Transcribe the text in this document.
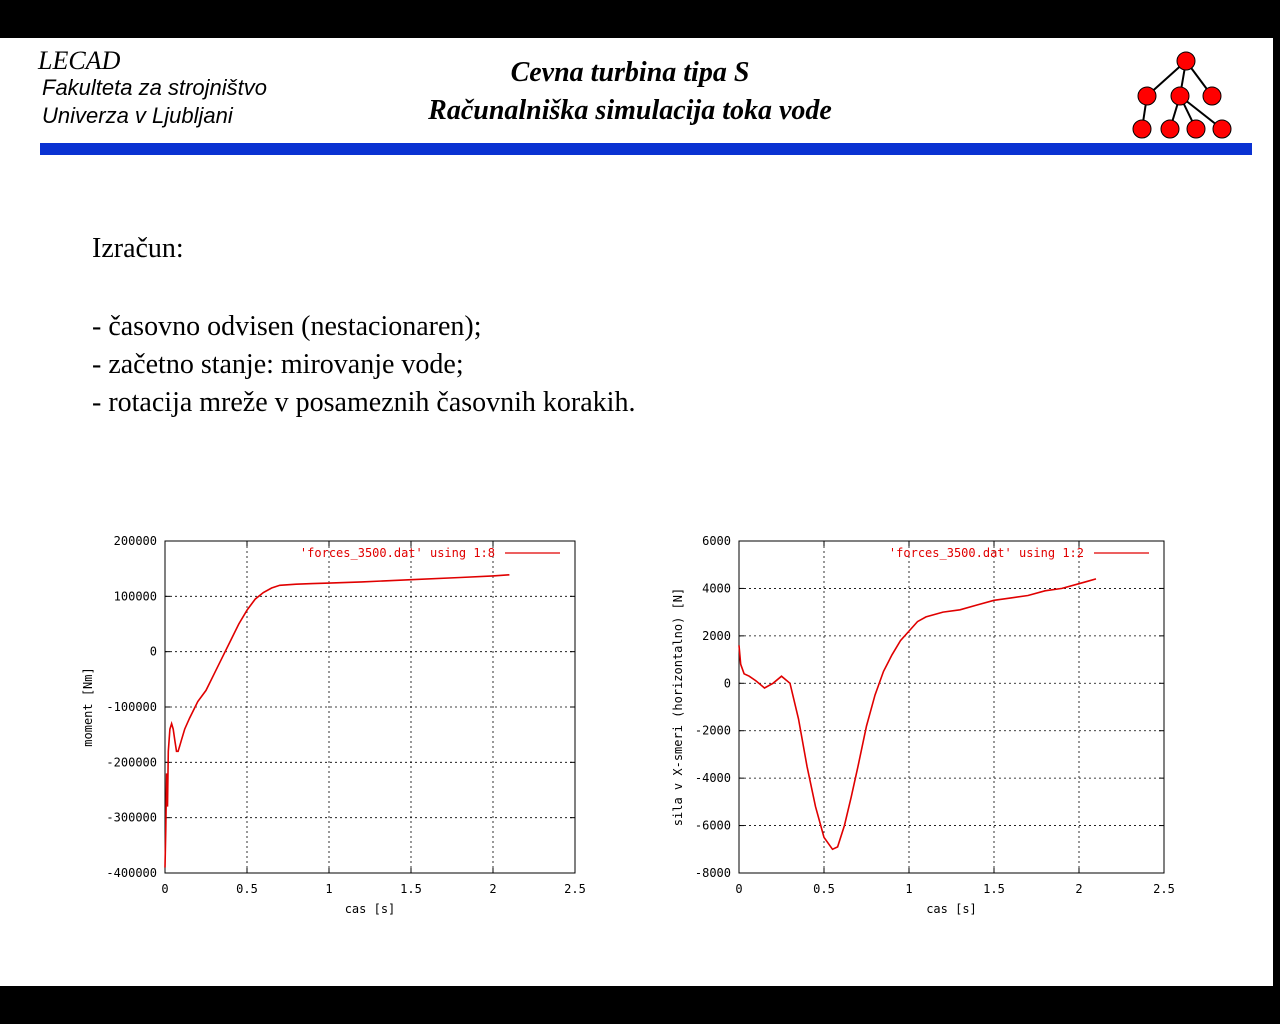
LECAD
Fakulteta za strojništvo
Univerza v Ljubljani
Cevna turbina tipa S
Računalniška simulacija toka vode
Izračun:
- časovno odvisen (nestacionaren);
- začetno stanje: mirovanje vode;
- rotacija mreže v posameznih časovnih korakih.
0	0.5	1	1.5	2	2.5
-400000
-300000
-200000
-100000
0
100000
200000
cas [s]
moment [Nm]
'forces_3500.dat' using 1:8
0	0.5	1	1.5	2	2.5
-8000
-6000
-4000
-2000
0
2000
4000
6000
cas [s]
sila v X-smeri (horizontalno) [N]
'forces_3500.dat' using 1:2
